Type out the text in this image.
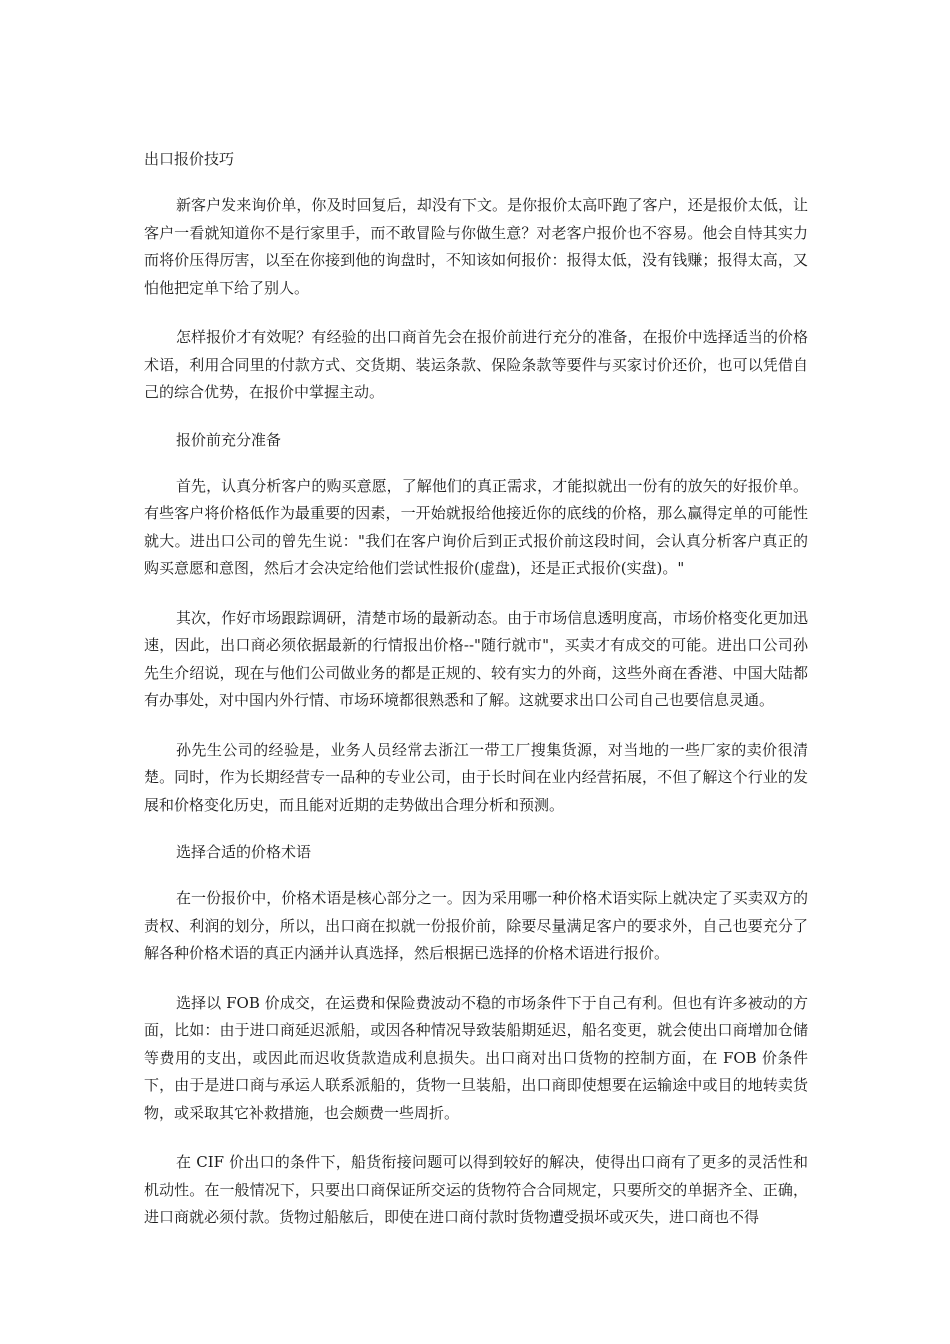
出口报价技巧

新客户发来询价单，你及时回复后，却没有下文。是你报价太高吓跑了客户，还是报价太低，让客户一看就知道你不是行家里手，而不敢冒险与你做生意？对老客户报价也不容易。他会自恃其实力而将价压得厉害，以至在你接到他的询盘时，不知该如何报价：报得太低，没有钱赚；报得太高，又怕他把定单下给了别人。

怎样报价才有效呢？有经验的出口商首先会在报价前进行充分的准备，在报价中选择适当的价格术语，利用合同里的付款方式、交货期、装运条款、保险条款等要件与买家讨价还价，也可以凭借自己的综合优势，在报价中掌握主动。

报价前充分准备

首先，认真分析客户的购买意愿，了解他们的真正需求，才能拟就出一份有的放矢的好报价单。有些客户将价格低作为最重要的因素，一开始就报给他接近你的底线的价格，那么赢得定单的可能性就大。进出口公司的曾先生说："我们在客户询价后到正式报价前这段时间，会认真分析客户真正的购买意愿和意图，然后才会决定给他们尝试性报价(虚盘)，还是正式报价(实盘)。"

其次，作好市场跟踪调研，清楚市场的最新动态。由于市场信息透明度高，市场价格变化更加迅速，因此，出口商必须依据最新的行情报出价格--"随行就市"，买卖才有成交的可能。进出口公司孙先生介绍说，现在与他们公司做业务的都是正规的、较有实力的外商，这些外商在香港、中国大陆都有办事处，对中国内外行情、市场环境都很熟悉和了解。这就要求出口公司自己也要信息灵通。

孙先生公司的经验是，业务人员经常去浙江一带工厂搜集货源，对当地的一些厂家的卖价很清楚。同时，作为长期经营专一品种的专业公司，由于长时间在业内经营拓展，不但了解这个行业的发展和价格变化历史，而且能对近期的走势做出合理分析和预测。

选择合适的价格术语

在一份报价中，价格术语是核心部分之一。因为采用哪一种价格术语实际上就决定了买卖双方的责权、利润的划分，所以，出口商在拟就一份报价前，除要尽量满足客户的要求外，自己也要充分了解各种价格术语的真正内涵并认真选择，然后根据已选择的价格术语进行报价。

选择以 FOB 价成交，在运费和保险费波动不稳的市场条件下于自己有利。但也有许多被动的方面，比如：由于进口商延迟派船，或因各种情况导致装船期延迟，船名变更，就会使出口商增加仓储等费用的支出，或因此而迟收货款造成利息损失。出口商对出口货物的控制方面，在 FOB 价条件下，由于是进口商与承运人联系派船的，货物一旦装船，出口商即使想要在运输途中或目的地转卖货物，或采取其它补救措施，也会颇费一些周折。

在 CIF 价出口的条件下，船货衔接问题可以得到较好的解决，使得出口商有了更多的灵活性和机动性。在一般情况下，只要出口商保证所交运的货物符合合同规定，只要所交的单据齐全、正确，进口商就必须付款。货物过船舷后，即使在进口商付款时货物遭受损坏或灭失，进口商也不得
